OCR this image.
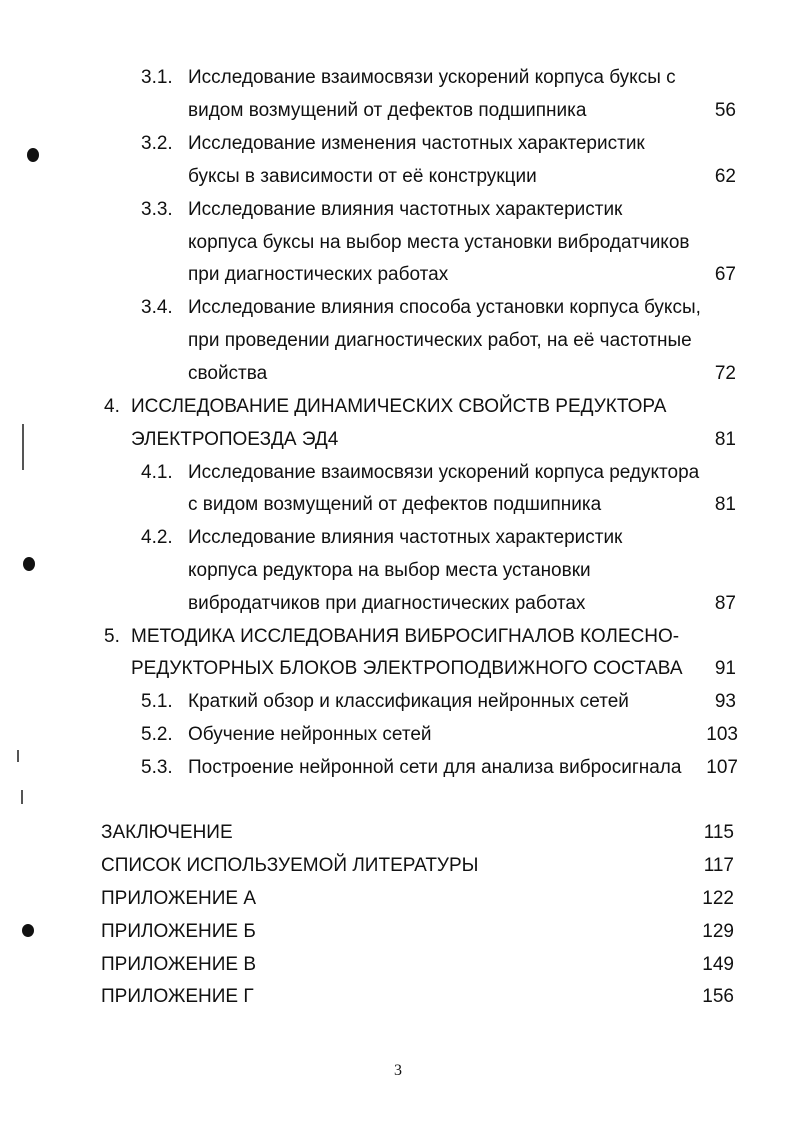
3.1. Исследование взаимосвязи ускорений корпуса буксы с
видом возмущений от дефектов подшипника	56
3.2. Исследование изменения частотных характеристик
буксы в зависимости от её конструкции	62
3.3. Исследование влияния частотных характеристик
корпуса буксы на выбор места установки вибродатчиков
при диагностических работах	67
3.4. Исследование влияния способа установки корпуса буксы,
при проведении диагностических работ, на её частотные
свойства	72
4. ИССЛЕДОВАНИЕ ДИНАМИЧЕСКИХ СВОЙСТВ РЕДУКТОРА
ЭЛЕКТРОПОЕЗДА ЭД4	81
4.1. Исследование взаимосвязи ускорений корпуса редуктора
с видом возмущений от дефектов подшипника	81
4.2. Исследование влияния частотных характеристик
корпуса редуктора на выбор места установки
вибродатчиков при диагностических работах	87
5. МЕТОДИКА ИССЛЕДОВАНИЯ ВИБРОСИГНАЛОВ КОЛЕСНО-
РЕДУКТОРНЫХ БЛОКОВ ЭЛЕКТРОПОДВИЖНОГО СОСТАВА	91
5.1. Краткий обзор и классификация нейронных сетей	93
5.2. Обучение нейронных сетей	103
5.3. Построение нейронной сети для анализа вибросигнала	107
ЗАКЛЮЧЕНИЕ	115
СПИСОК ИСПОЛЬЗУЕМОЙ ЛИТЕРАТУРЫ	117
ПРИЛОЖЕНИЕ А	122
ПРИЛОЖЕНИЕ Б	129
ПРИЛОЖЕНИЕ В	149
ПРИЛОЖЕНИЕ Г	156
3
